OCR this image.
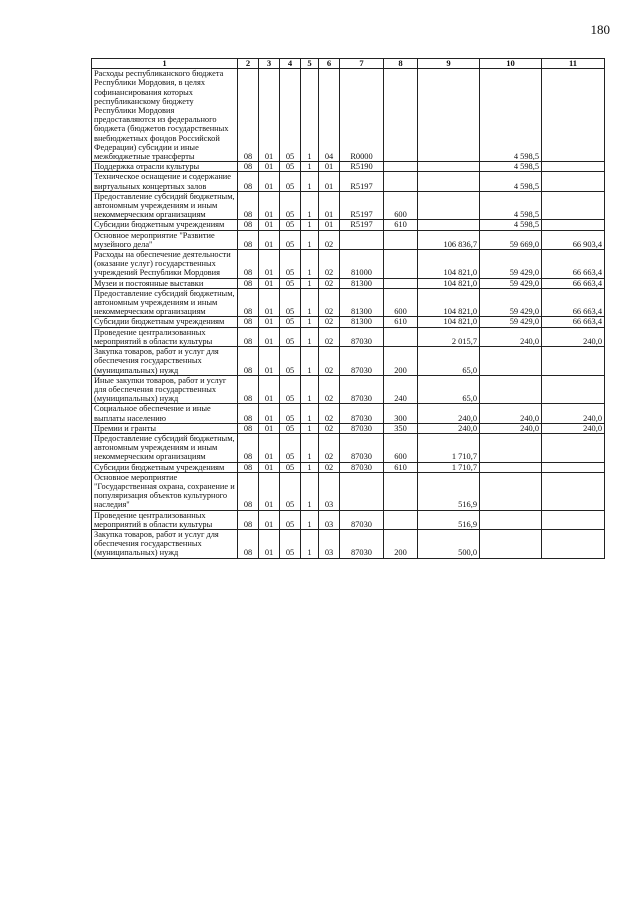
180
1	2	3	4	5	6	7	8	9	10	11
Расходы республиканского бюджета Республики Мордовия, в целях софинансирования которых республиканскому бюджету Республики Мордовия предоставляются из федерального бюджета (бюджетов государственных внебюджетных фондов Российской Федерации) субсидии и иные межбюджетные трансферты	08	01	05	1	04	R0000			4 598,5	
Поддержка отрасли культуры	08	01	05	1	01	R5190			4 598,5	
Техническое оснащение и содержание виртуальных концертных залов	08	01	05	1	01	R5197			4 598,5	
Предоставление субсидий бюджетным, автономным учреждениям и иным некоммерческим организациям	08	01	05	1	01	R5197	600		4 598,5	
Субсидии бюджетным учреждениям	08	01	05	1	01	R5197	610		4 598,5	
Основное мероприятие "Развитие музейного дела"	08	01	05	1	02			106 836,7	59 669,0	66 903,4
Расходы на обеспечение деятельности (оказание услуг) государственных учреждений Республики Мордовия	08	01	05	1	02	81000		104 821,0	59 429,0	66 663,4
Музеи и постоянные выставки	08	01	05	1	02	81300		104 821,0	59 429,0	66 663,4
Предоставление субсидий бюджетным, автономным учреждениям и иным некоммерческим организациям	08	01	05	1	02	81300	600	104 821,0	59 429,0	66 663,4
Субсидии бюджетным учреждениям	08	01	05	1	02	81300	610	104 821,0	59 429,0	66 663,4
Проведение централизованных мероприятий в области культуры	08	01	05	1	02	87030		2 015,7	240,0	240,0
Закупка товаров, работ и услуг для обеспечения государственных (муниципальных) нужд	08	01	05	1	02	87030	200	65,0		
Иные закупки товаров, работ и услуг для обеспечения государственных (муниципальных) нужд	08	01	05	1	02	87030	240	65,0		
Социальное обеспечение и иные выплаты населению	08	01	05	1	02	87030	300	240,0	240,0	240,0
Премии и гранты	08	01	05	1	02	87030	350	240,0	240,0	240,0
Предоставление субсидий бюджетным, автономным учреждениям и иным некоммерческим организациям	08	01	05	1	02	87030	600	1 710,7		
Субсидии бюджетным учреждениям	08	01	05	1	02	87030	610	1 710,7		
Основное мероприятие "Государственная охрана, сохранение и популяризация объектов культурного наследия"	08	01	05	1	03			516,9		
Проведение централизованных мероприятий в области культуры	08	01	05	1	03	87030		516,9		
Закупка товаров, работ и услуг для обеспечения государственных (муниципальных) нужд	08	01	05	1	03	87030	200	500,0		
